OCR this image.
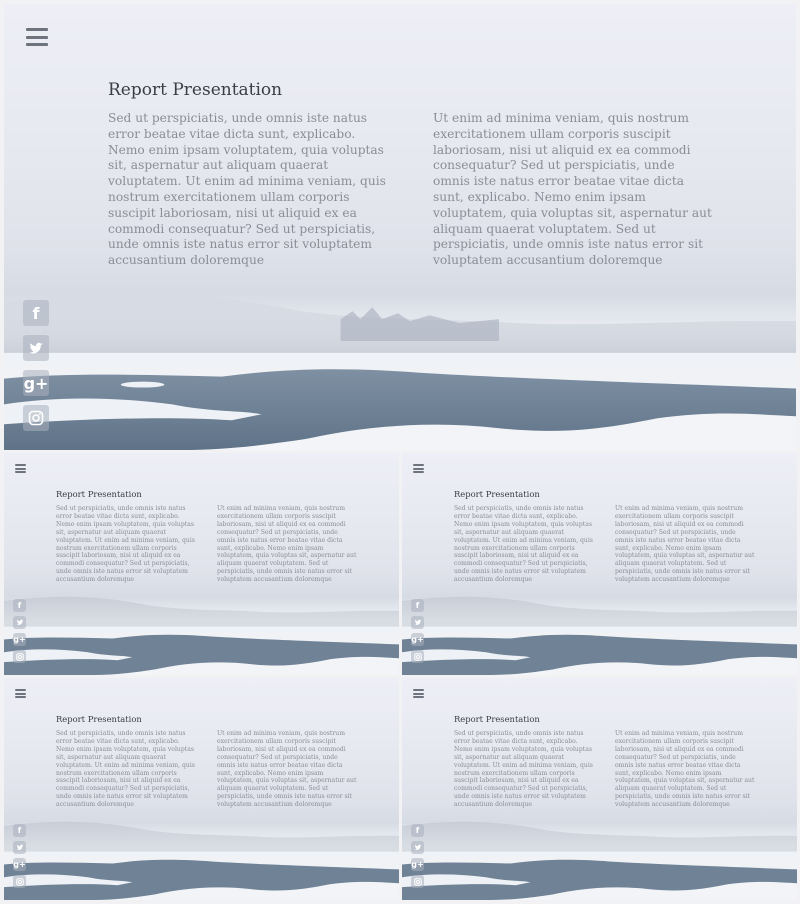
Report Presentation

Sed ut perspiciatis, unde omnis iste natus error beatae vitae dicta sunt, explicabo. Nemo enim ipsam voluptatem, quia voluptas sit, aspernatur aut aliquam quaerat voluptatem. Ut enim ad minima veniam, quis nostrum exercitationem ullam corporis suscipit laboriosam, nisi ut aliquid ex ea commodi consequatur? Sed ut perspiciatis, unde omnis iste natus error sit voluptatem accusantium doloremque

Ut enim ad minima veniam, quis nostrum exercitationem ullam corporis suscipit laboriosam, nisi ut aliquid ex ea commodi consequatur? Sed ut perspiciatis, unde omnis iste natus error beatae vitae dicta sunt, explicabo. Nemo enim ipsam voluptatem, quia voluptas sit, aspernatur aut aliquam quaerat voluptatem. Sed ut perspiciatis, unde omnis iste natus error sit voluptatem accusantium doloremque

f
g+
Report Presentation

Sed ut perspiciatis, unde omnis iste natus error beatae vitae dicta sunt, explicabo. Nemo enim ipsam voluptatem, quia voluptas sit, aspernatur aut aliquam quaerat voluptatem. Ut enim ad minima veniam, quis nostrum exercitationem ullam corporis suscipit laboriosam, nisi ut aliquid ex ea commodi consequatur? Sed ut perspiciatis, unde omnis iste natus error sit voluptatem accusantium doloremque

Ut enim ad minima veniam, quis nostrum exercitationem ullam corporis suscipit laboriosam, nisi ut aliquid ex ea commodi consequatur? Sed ut perspiciatis, unde omnis iste natus error beatae vitae dicta sunt, explicabo. Nemo enim ipsam voluptatem, quia voluptas sit, aspernatur aut aliquam quaerat voluptatem. Sed ut perspiciatis, unde omnis iste natus error sit voluptatem accusantium doloremque

f
g+
Report Presentation

Sed ut perspiciatis, unde omnis iste natus error beatae vitae dicta sunt, explicabo. Nemo enim ipsam voluptatem, quia voluptas sit, aspernatur aut aliquam quaerat voluptatem. Ut enim ad minima veniam, quis nostrum exercitationem ullam corporis suscipit laboriosam, nisi ut aliquid ex ea commodi consequatur? Sed ut perspiciatis, unde omnis iste natus error sit voluptatem accusantium doloremque

Ut enim ad minima veniam, quis nostrum exercitationem ullam corporis suscipit laboriosam, nisi ut aliquid ex ea commodi consequatur? Sed ut perspiciatis, unde omnis iste natus error beatae vitae dicta sunt, explicabo. Nemo enim ipsam voluptatem, quia voluptas sit, aspernatur aut aliquam quaerat voluptatem. Sed ut perspiciatis, unde omnis iste natus error sit voluptatem accusantium doloremque

f
g+
Report Presentation

Sed ut perspiciatis, unde omnis iste natus error beatae vitae dicta sunt, explicabo. Nemo enim ipsam voluptatem, quia voluptas sit, aspernatur aut aliquam quaerat voluptatem. Ut enim ad minima veniam, quis nostrum exercitationem ullam corporis suscipit laboriosam, nisi ut aliquid ex ea commodi consequatur? Sed ut perspiciatis, unde omnis iste natus error sit voluptatem accusantium doloremque

Ut enim ad minima veniam, quis nostrum exercitationem ullam corporis suscipit laboriosam, nisi ut aliquid ex ea commodi consequatur? Sed ut perspiciatis, unde omnis iste natus error beatae vitae dicta sunt, explicabo. Nemo enim ipsam voluptatem, quia voluptas sit, aspernatur aut aliquam quaerat voluptatem. Sed ut perspiciatis, unde omnis iste natus error sit voluptatem accusantium doloremque

f
g+
Report Presentation

Sed ut perspiciatis, unde omnis iste natus error beatae vitae dicta sunt, explicabo. Nemo enim ipsam voluptatem, quia voluptas sit, aspernatur aut aliquam quaerat voluptatem. Ut enim ad minima veniam, quis nostrum exercitationem ullam corporis suscipit laboriosam, nisi ut aliquid ex ea commodi consequatur? Sed ut perspiciatis, unde omnis iste natus error sit voluptatem accusantium doloremque

Ut enim ad minima veniam, quis nostrum exercitationem ullam corporis suscipit laboriosam, nisi ut aliquid ex ea commodi consequatur? Sed ut perspiciatis, unde omnis iste natus error beatae vitae dicta sunt, explicabo. Nemo enim ipsam voluptatem, quia voluptas sit, aspernatur aut aliquam quaerat voluptatem. Sed ut perspiciatis, unde omnis iste natus error sit voluptatem accusantium doloremque

f
g+
